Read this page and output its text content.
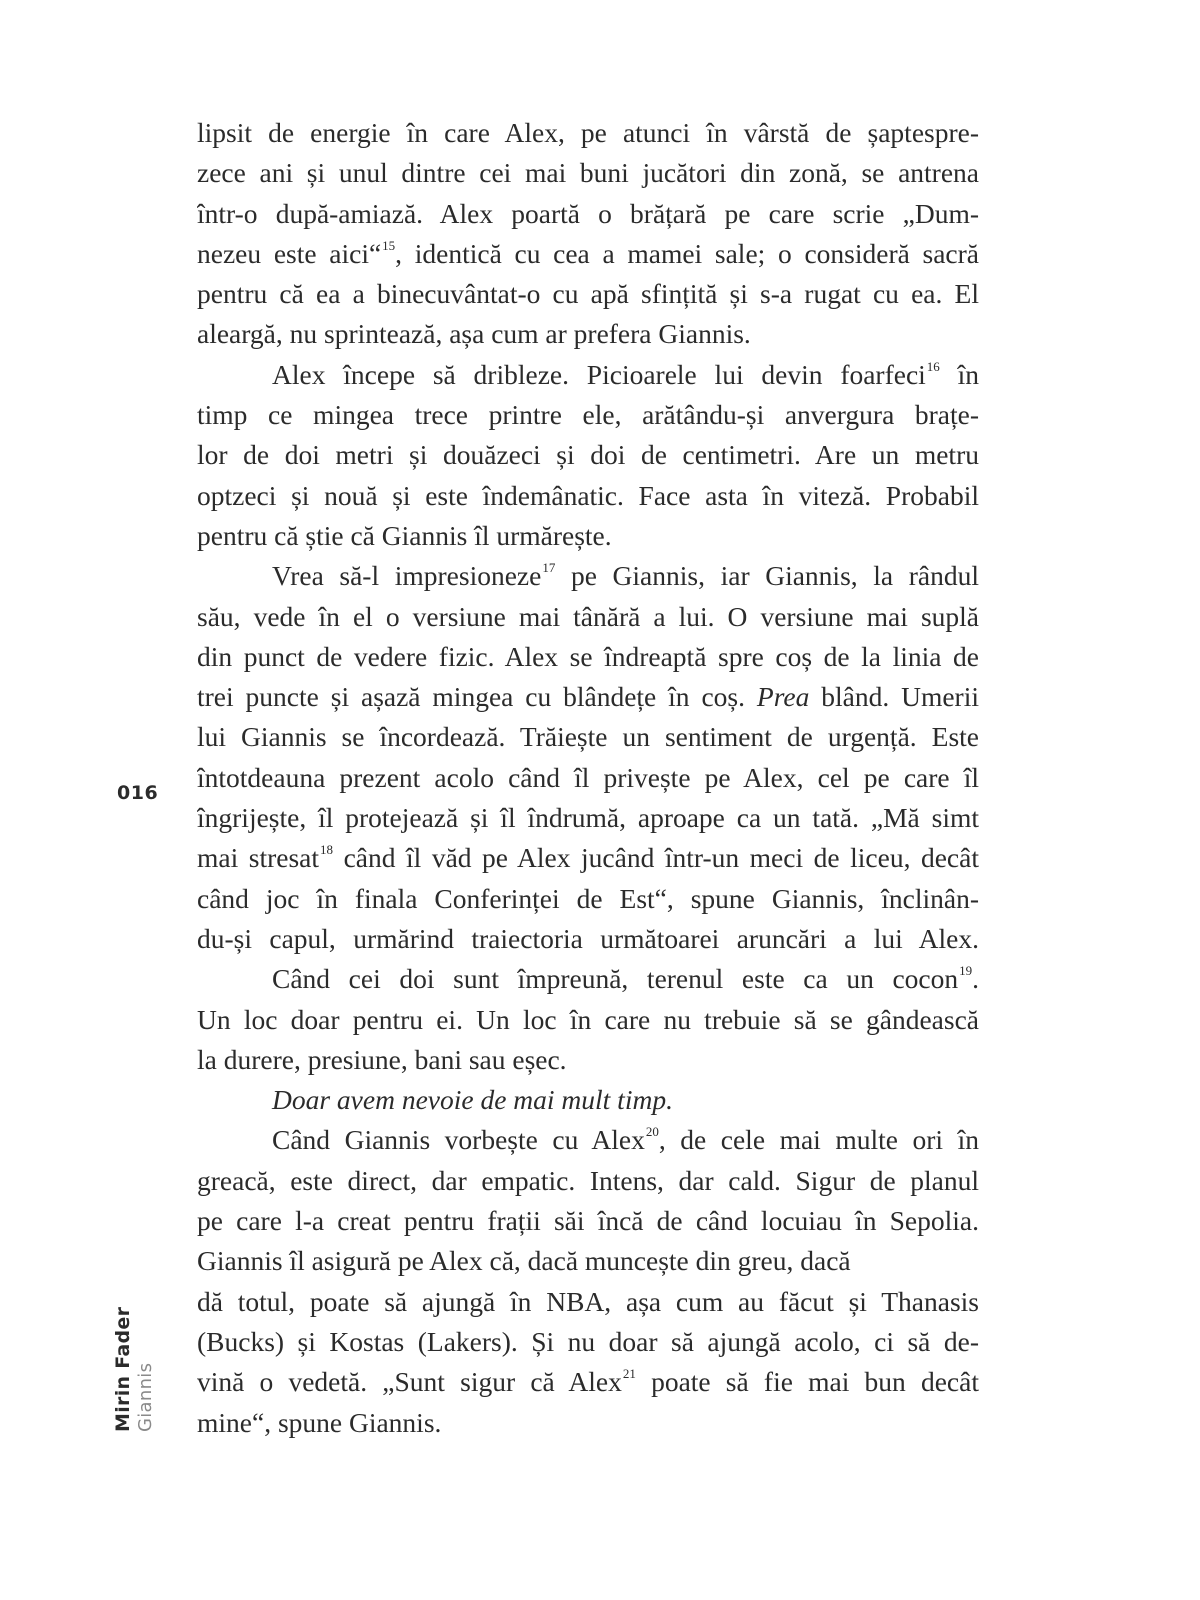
lipsit de energie în care Alex, pe atunci în vârstă de șaptespre-
zece ani și unul dintre cei mai buni jucători din zonă, se antrena
într-o după-amiază. Alex poartă o brățară pe care scrie „Dum-
nezeu este aici“$^{15}$, identică cu cea a mamei sale; o consideră sacră
pentru că ea a binecuvântat-o cu apă sfințită și s-a rugat cu ea. El
aleargă, nu sprintează, așa cum ar prefera Giannis.
Alex începe să dribleze. Picioarele lui devin foarfeci$^{16}$ în
timp ce mingea trece printre ele, arătându-și anvergura brațe-
lor de doi metri și douăzeci și doi de centimetri. Are un metru
optzeci și nouă și este îndemânatic. Face asta în viteză. Probabil
pentru că știe că Giannis îl urmărește.
Vrea să-l impresioneze$^{17}$ pe Giannis, iar Giannis, la rândul
său, vede în el o versiune mai tânără a lui. O versiune mai suplă
din punct de vedere fizic. Alex se îndreaptă spre coș de la linia de
trei puncte și așază mingea cu blândețe în coș. Prea blând. Umerii
lui Giannis se încordează. Trăiește un sentiment de urgență. Este
întotdeauna prezent acolo când îl privește pe Alex, cel pe care îl
îngrijește, îl protejează și îl îndrumă, aproape ca un tată. „Mă simt
mai stresat$^{18}$ când îl văd pe Alex jucând într-un meci de liceu, decât
când joc în finala Conferinței de Est“, spune Giannis, înclinân-
du-și capul, urmărind traiectoria următoarei aruncări a lui Alex.
Când cei doi sunt împreună, terenul este ca un cocon$^{19}$.
Un loc doar pentru ei. Un loc în care nu trebuie să se gândească
la durere, presiune, bani sau eșec.
Doar avem nevoie de mai mult timp.
Când Giannis vorbește cu Alex$^{20}$, de cele mai multe ori în
greacă, este direct, dar empatic. Intens, dar cald. Sigur de planul
pe care l-a creat pentru frații săi încă de când locuiau în Sepolia.
Giannis îl asigură pe Alex că, dacă muncește din greu, dacă
dă totul, poate să ajungă în NBA, așa cum au făcut și Thanasis
(Bucks) și Kostas (Lakers). Și nu doar să ajungă acolo, ci să de-
vină o vedetă. „Sunt sigur că Alex$^{21}$ poate să fie mai bun decât
mine“, spune Giannis.
016
Mirin Fader Giannis
